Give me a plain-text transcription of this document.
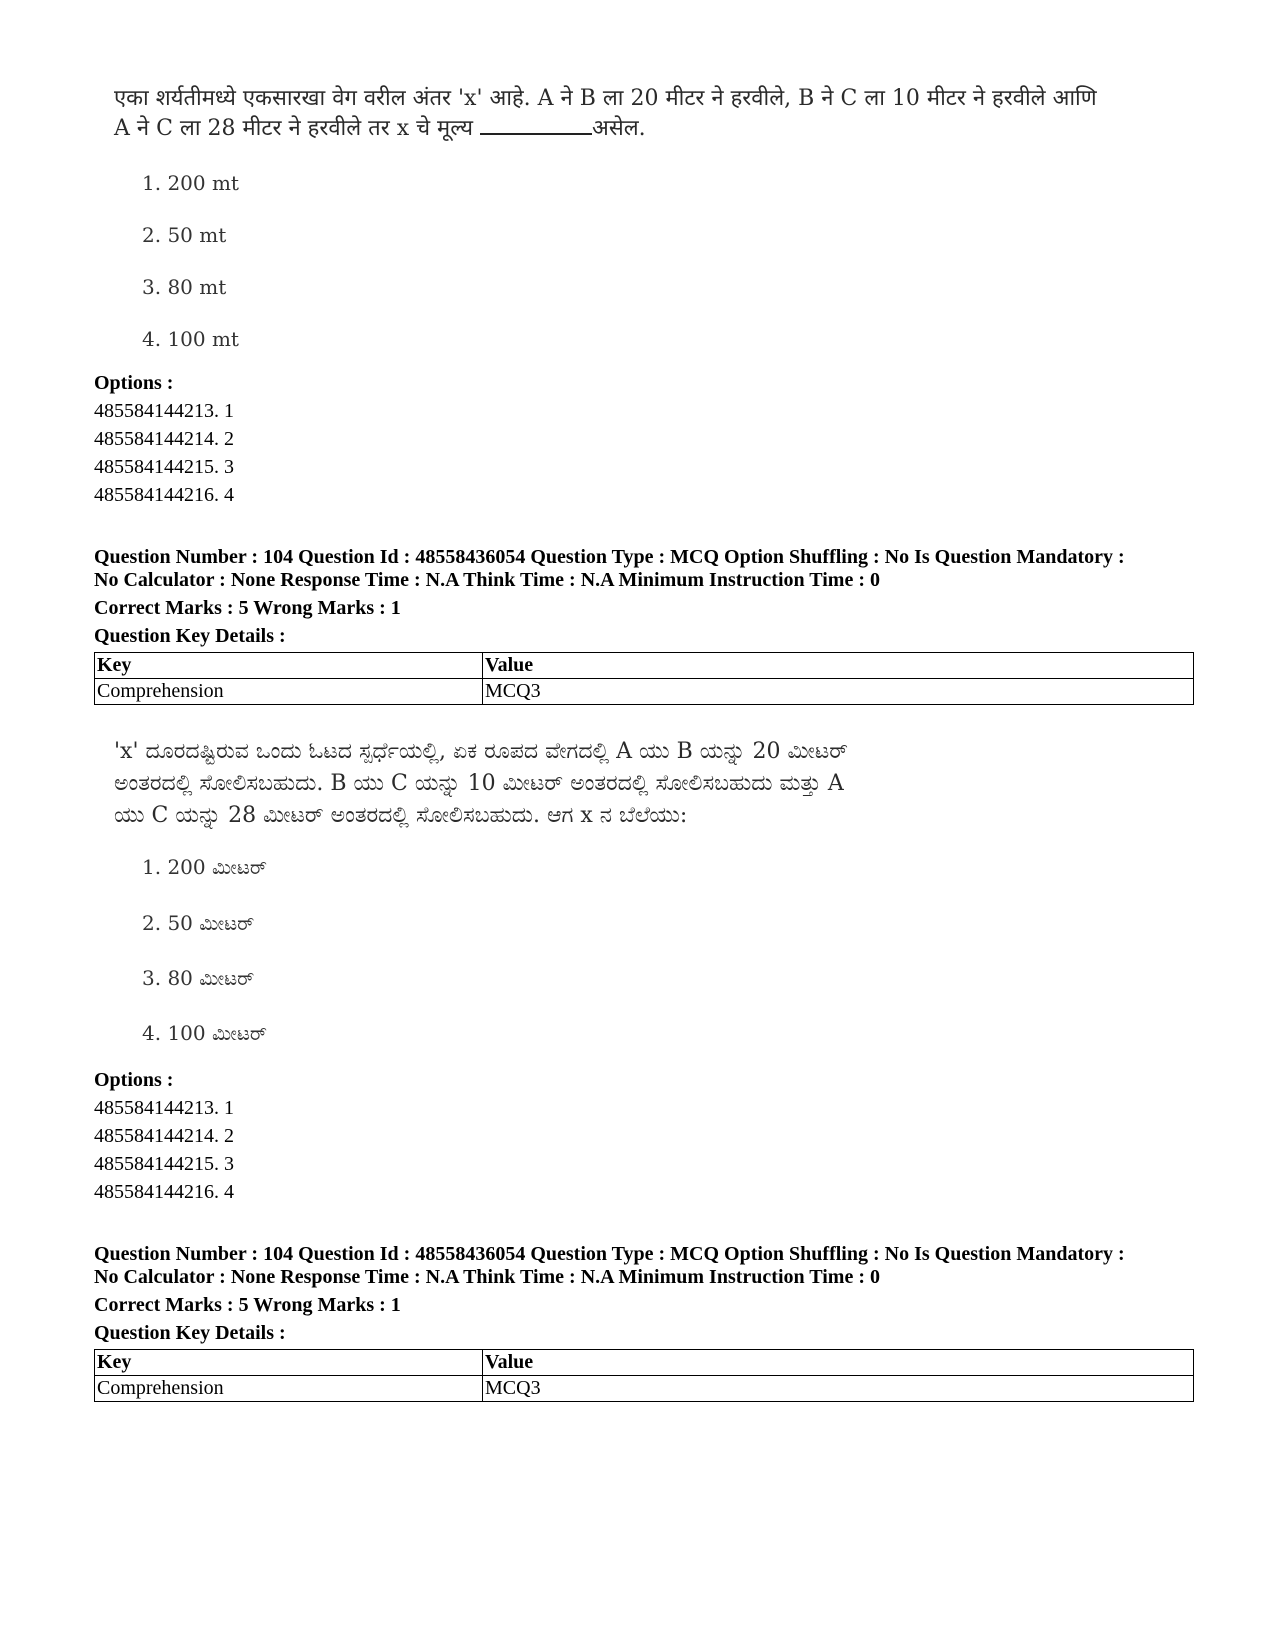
एका शर्यतीमध्ये एकसारखा वेग वरील अंतर 'x' आहे. A ने B ला 20 मीटर ने हरवीले, B ने C ला 10 मीटर ने हरवीले आणि

A ने C ला 28 मीटर ने हरवीले तर x चे मूल्य	असेल.

1. 200 mt
2. 50 mt
3. 80 mt
4. 100 mt
Options :
485584144213. 1
485584144214. 2
485584144215. 3
485584144216. 4
Question Number : 104 Question Id : 48558436054 Question Type : MCQ Option Shuffling : No Is Question Mandatory :
No Calculator : None Response Time : N.A Think Time : N.A Minimum Instruction Time : 0
Correct Marks : 5 Wrong Marks : 1
Question Key Details :
Key	Value
Comprehension	MCQ3

'x' ದೂರದಷ್ಟಿರುವ ಒಂದು ಓಟದ ಸ್ಪರ್ಧೆಯಲ್ಲಿ, ಏಕ ರೂಪದ ವೇಗದಲ್ಲಿ A ಯು B ಯನ್ನು 20 ಮೀಟರ್

ಅಂತರದಲ್ಲಿ ಸೋಲಿಸಬಹುದು. B ಯು C ಯನ್ನು 10 ಮೀಟರ್ ಅಂತರದಲ್ಲಿ ಸೋಲಿಸಬಹುದು ಮತ್ತು A

ಯು C ಯನ್ನು 28 ಮೀಟರ್ ಅಂತರದಲ್ಲಿ ಸೋಲಿಸಬಹುದು. ಆಗ x ನ ಬೆಲೆಯು:

1. 200 ಮೀಟರ್
2. 50 ಮೀಟರ್
3. 80 ಮೀಟರ್
4. 100 ಮೀಟರ್
Options :
485584144213. 1
485584144214. 2
485584144215. 3
485584144216. 4
Question Number : 104 Question Id : 48558436054 Question Type : MCQ Option Shuffling : No Is Question Mandatory :
No Calculator : None Response Time : N.A Think Time : N.A Minimum Instruction Time : 0
Correct Marks : 5 Wrong Marks : 1
Question Key Details :
Key	Value
Comprehension	MCQ3
